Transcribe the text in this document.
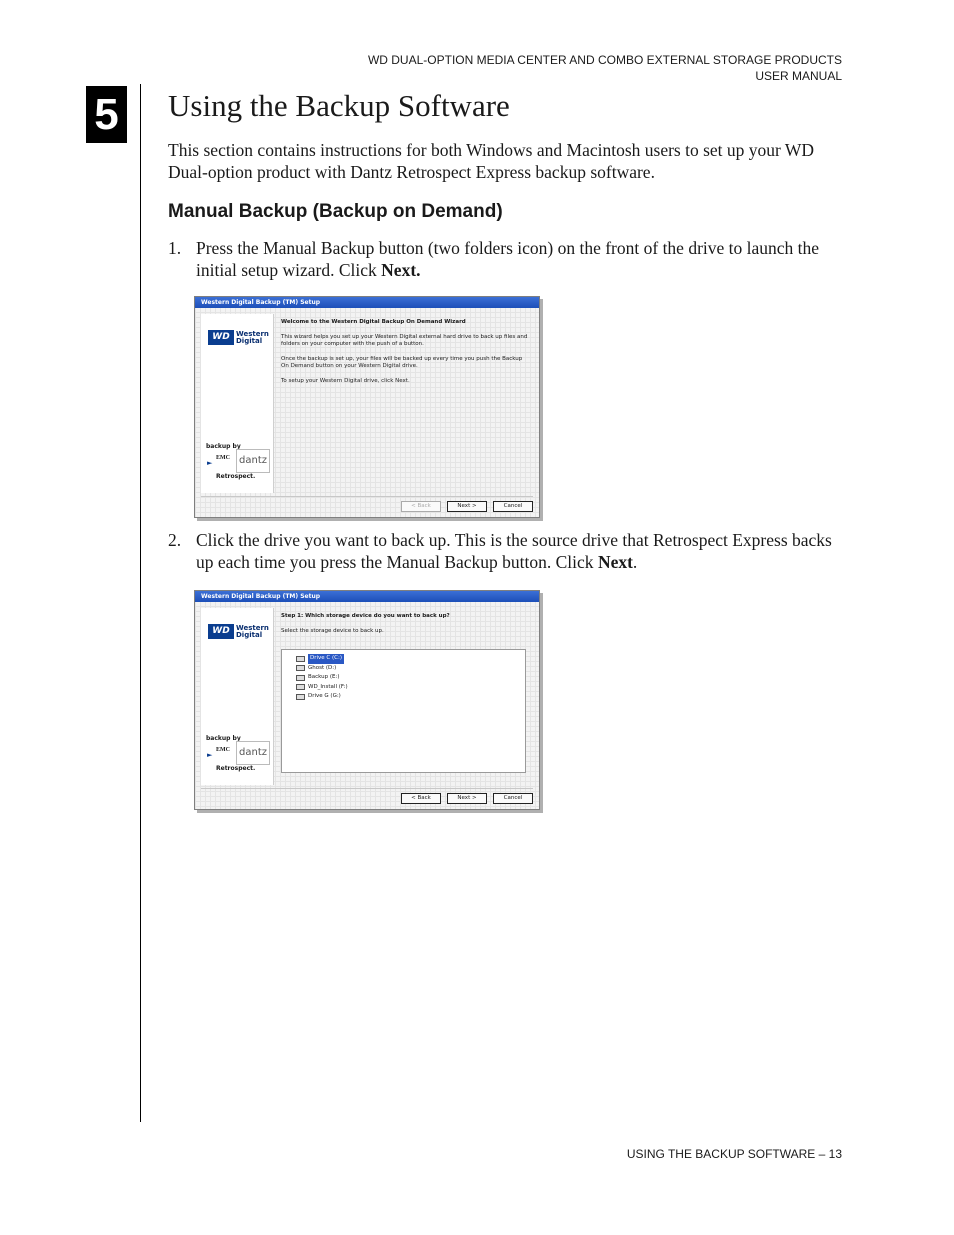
WD DUAL-OPTION MEDIA CENTER AND COMBO EXTERNAL STORAGE PRODUCTS
USER MANUAL
5 Using the Backup Software

This section contains instructions for both Windows and Macintosh users to set up your WD Dual-option product with Dantz Retrospect Express backup software.

Manual Backup (Backup on Demand)
1. Press the Manual Backup button (two folders icon) on the front of the drive to launch the initial setup wizard. Click Next.
Western Digital Backup (TM) Setup
WD Western
Digital
backup by
►
EMC dantz
Retrospect.
Welcome to the Western Digital Backup On Demand Wizard

This wizard helps you set up your Western Digital external hard drive to back up files and folders on your computer with the push of a button.

Once the backup is set up, your files will be backed up every time you push the Backup On Demand button on your Western Digital drive.

To setup your Western Digital drive, click Next.

< Back	Next >	Cancel
2. Click the drive you want to back up. This is the source drive that Retrospect Express backs up each time you press the Manual Backup button. Click Next.
Western Digital Backup (TM) Setup
WD Western
Digital
backup by
►
EMC dantz
Retrospect.
Step 1: Which storage device do you want to back up?

Select the storage device to back up.

Drive C (C:)
Ghost (D:)
Backup (E:)
WD_Install (F:)
Drive G (G:)
< Back	Next >	Cancel
USING THE BACKUP SOFTWARE – 13
